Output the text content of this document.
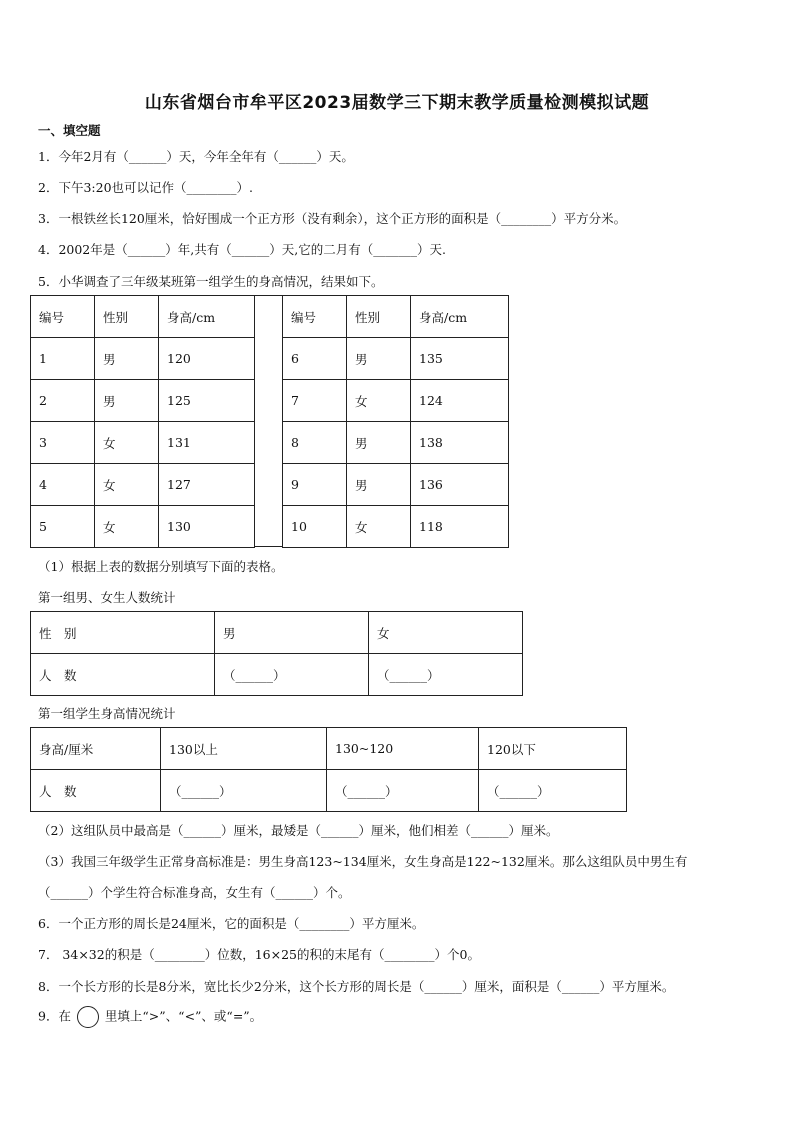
山东省烟台市牟平区2023届数学三下期末教学质量检测模拟试题
一、填空题
1．今年2月有（______）天，今年全年有（______）天。
2．下午3:20也可以记作（________）.
3．一根铁丝长120厘米，恰好围成一个正方形（没有剩余），这个正方形的面积是（________）平方分米。
4．2002年是（______）年,共有（______）天,它的二月有（_______）天.
5．小华调查了三年级某班第一组学生的身高情况，结果如下。
编号	性别	身高/cm
1	男	120
2	男	125
3	女	131
4	女	127
5	女	130
编号	性别	身高/cm
6	男	135
7	女	124
8	男	138
9	男	136
10	女	118
（1）根据上表的数据分别填写下面的表格。
第一组男、女生人数统计
性　别	男	女
人　数	（______）	（______）
第一组学生身高情况统计
身高/厘米	130以上	130~120	120以下
人　数	（______）	（______）	（______）
（2）这组队员中最高是（______）厘米，最矮是（______）厘米，他们相差（______）厘米。
（3）我国三年级学生正常身高标准是：男生身高123~134厘米，女生身高是122~132厘米。那么这组队员中男生有
（______）个学生符合标准身高，女生有（______）个。
6．一个正方形的周长是24厘米，它的面积是（________）平方厘米。
7． 34×32的积是（________）位数，16×25的积的末尾有（________）个0。
8．一个长方形的长是8分米，宽比长少2分米，这个长方形的周长是（______）厘米，面积是（______）平方厘米。
9．在	里填上“>”、“<”、或“=”。
